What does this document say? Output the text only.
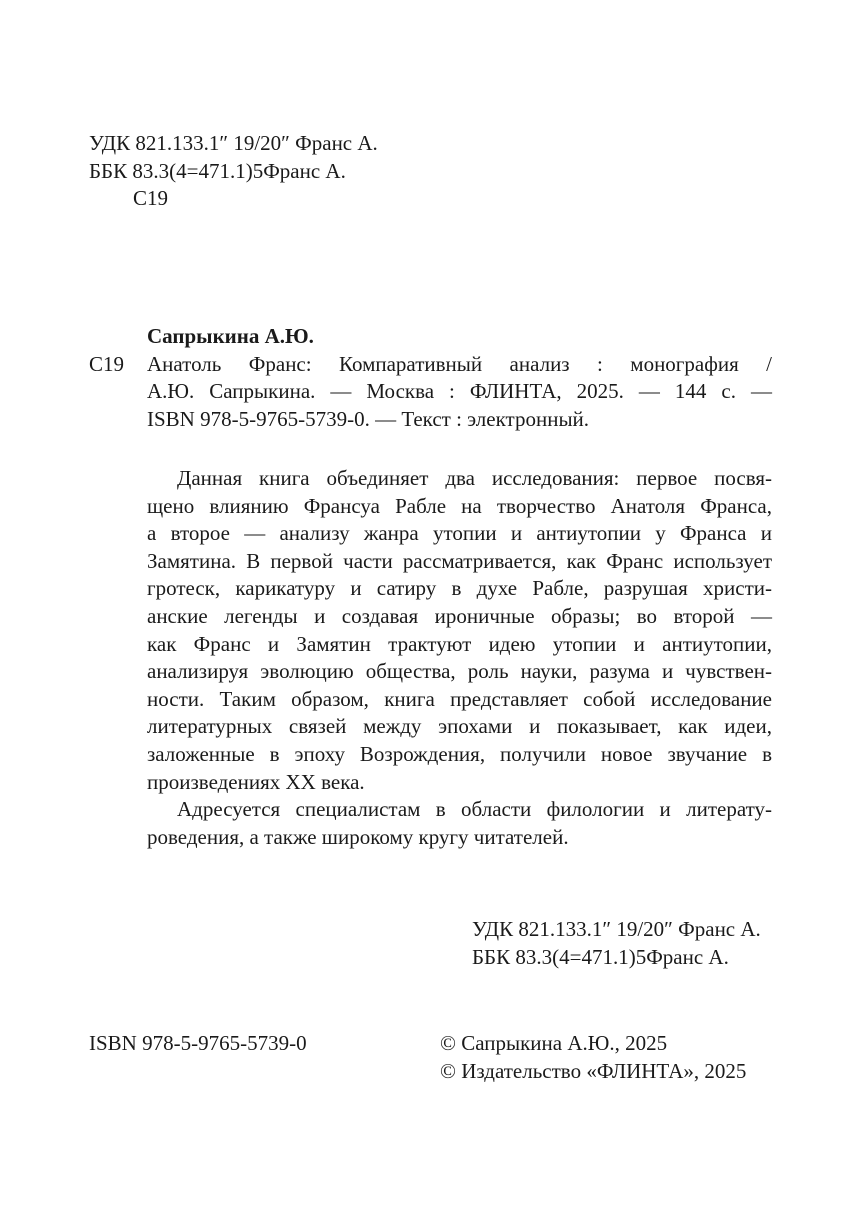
УДК 821.133.1″ 19/20″ Франс А.
ББК 83.3(4=471.1)5Франс А.
С19
Сапрыкина А.Ю.
С19	Анатоль Франс: Компаративный анализ : монография /
А.Ю. Сапрыкина. — Москва : ФЛИНТА, 2025. — 144 с. —
ISBN 978-5-9765-5739-0. — Текст : электронный.
Данная книга объединяет два исследования: первое посвя-
щено влиянию Франсуа Рабле на творчество Анатоля Франса,
а второе — анализу жанра утопии и антиутопии у Франса и
Замятина. В первой части рассматривается, как Франс использует
гротеск, карикатуру и сатиру в духе Рабле, разрушая христи-
анские легенды и создавая ироничные образы; во второй —
как Франс и Замятин трактуют идею утопии и антиутопии,
анализируя эволюцию общества, роль науки, разума и чувствен-
ности. Таким образом, книга представляет собой исследование
литературных связей между эпохами и показывает, как идеи,
заложенные в эпоху Возрождения, получили новое звучание в
произведениях XX века.
Адресуется специалистам в области филологии и литерату-
роведения, а также широкому кругу читателей.
УДК 821.133.1″ 19/20″ Франс А.
ББК 83.3(4=471.1)5Франс А.
ISBN 978-5-9765-5739-0	© Сапрыкина А.Ю., 2025
© Издательство «ФЛИНТА», 2025
